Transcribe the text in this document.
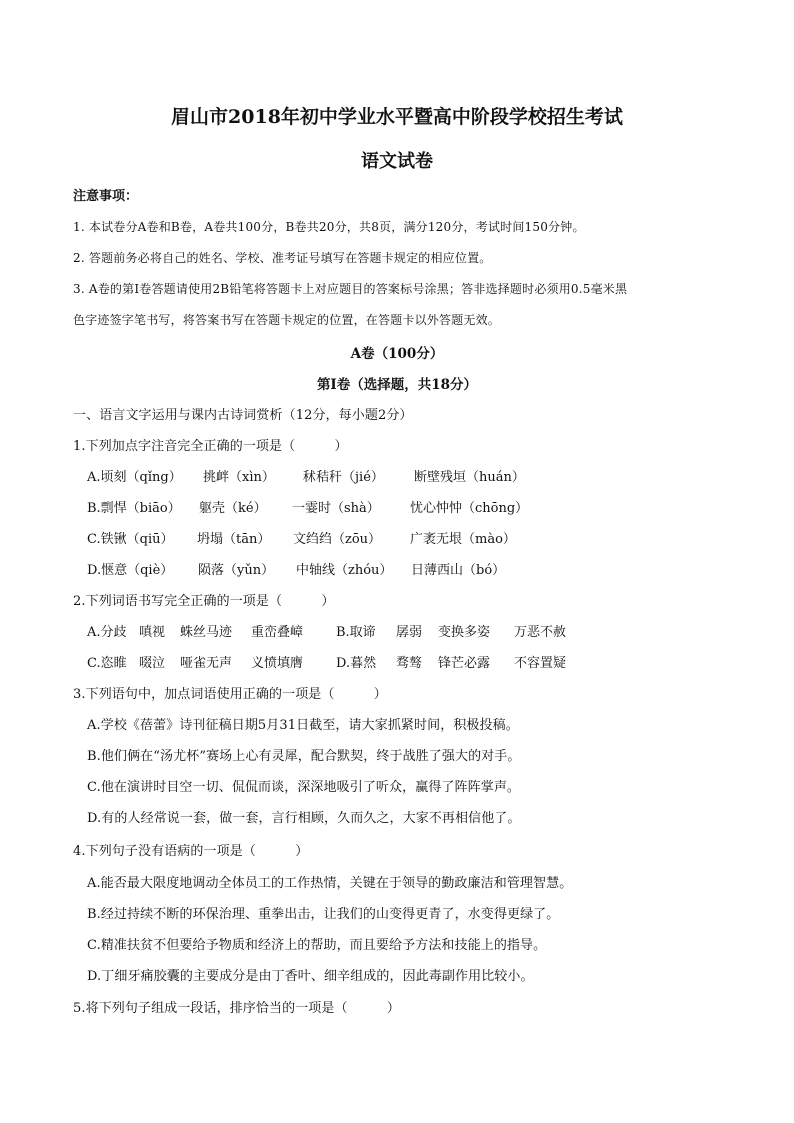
眉山市2018年初中学业水平暨高中阶段学校招生考试
语文试卷
注意事项：
1. 本试卷分A卷和B卷，A卷共100分，B卷共20分，共8页，满分120分，考试时间150分钟。
2. 答题前务必将自己的姓名、学校、准考证号填写在答题卡规定的相应位置。
3. A卷的第Ⅰ卷答题请使用2B铅笔将答题卡上对应题目的答案标号涂黑；答非选择题时必须用0.5毫米黑
色字迹签字笔书写，将答案书写在答题卡规定的位置，在答题卡以外答题无效。
A卷（100分）
第Ⅰ卷（选择题，共18分）
一、语言文字运用与课内古诗词赏析（12分，每小题2分）
1.下列加点字注音完全正确的一项是（　　　）
A.顷刻（qǐng） 挑衅（xìn） 秫秸秆（jié） 断壁残垣（huán）
B.剽悍（biāo） 躯壳（ké） 一霎时（shà） 忧心忡忡（chōng）
C.铁锹（qiū） 坍塌（tān） 文绉绉（zōu） 广袤无垠（mào）
D.惬意（qiè） 陨落（yǔn） 中轴线（zhóu） 日薄西山（bó）
2.下列词语书写完全正确的一项是（　　　）
A.分歧 嗔视 蛛丝马迹 重峦叠嶂	B.取谛 孱弱 变换多姿 万恶不赦
C.恣睢 啜泣 哑雀无声 义愤填膺	D.暮然 骛骜 锋芒必露 不容置疑
3.下列语句中，加点词语使用正确的一项是（　　　）
A.学校《蓓蕾》诗刊征稿日期5月31日截至，请大家抓紧时间，积极投稿。
B.他们俩在“汤尤杯”赛场上心有灵犀，配合默契，终于战胜了强大的对手。
C.他在演讲时目空一切、侃侃而谈，深深地吸引了听众，赢得了阵阵掌声。
D.有的人经常说一套，做一套，言行相顾，久而久之，大家不再相信他了。
4.下列句子没有语病的一项是（　　　）
A.能否最大限度地调动全体员工的工作热情，关键在于领导的勤政廉洁和管理智慧。
B.经过持续不断的环保治理、重拳出击，让我们的山变得更青了，水变得更绿了。
C.精准扶贫不但要给予物质和经济上的帮助，而且要给予方法和技能上的指导。
D.丁细牙痛胶囊的主要成分是由丁香叶、细辛组成的，因此毒副作用比较小。
5.将下列句子组成一段话，排序恰当的一项是（　　　）
